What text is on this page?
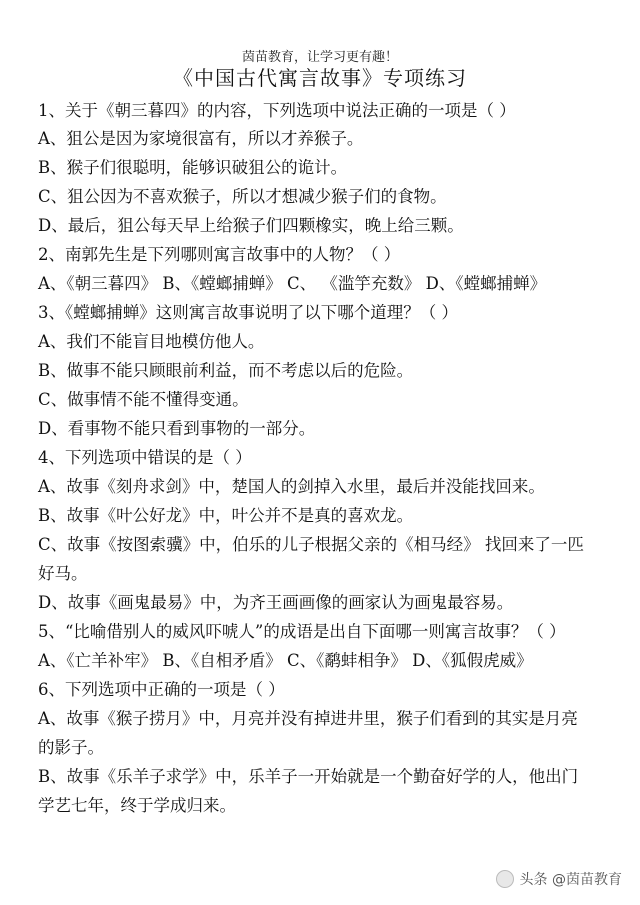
茵苗教育，让学习更有趣！
《中国古代寓言故事》专项练习
1、关于《朝三暮四》的内容，下列选项中说法正确的一项是（ ）
A、狙公是因为家境很富有，所以才养猴子。
B、猴子们很聪明，能够识破狙公的诡计。
C、狙公因为不喜欢猴子，所以才想减少猴子们的食物。
D、最后，狙公每天早上给猴子们四颗橡实，晚上给三颗。
2、南郭先生是下列哪则寓言故事中的人物？（ ）
A、《朝三暮四》 B、《螳螂捕蝉》 C、 《滥竽充数》 D、《螳螂捕蝉》
3、《螳螂捕蝉》这则寓言故事说明了以下哪个道理？（ ）
A、我们不能盲目地模仿他人。
B、做事不能只顾眼前利益，而不考虑以后的危险。
C、做事情不能不懂得变通。
D、看事物不能只看到事物的一部分。
4、下列选项中错误的是（ ）
A、故事《刻舟求剑》中，楚国人的剑掉入水里，最后并没能找回来。
B、故事《叶公好龙》中，叶公并不是真的喜欢龙。
C、故事《按图索骥》中，伯乐的儿子根据父亲的《相马经》 找回来了一匹
好马。
D、故事《画鬼最易》中，为齐王画画像的画家认为画鬼最容易。
5、“比喻借别人的威风吓唬人”的成语是出自下面哪一则寓言故事？（ ）
A、《亡羊补牢》 B、《自相矛盾》 C、《鹬蚌相争》 D、《狐假虎威》
6、下列选项中正确的一项是（ ）
A、故事《猴子捞月》中，月亮并没有掉进井里，猴子们看到的其实是月亮
的影子。
B、故事《乐羊子求学》中，乐羊子一开始就是一个勤奋好学的人，他出门
学艺七年，终于学成归来。
头条 @茵苗教育
